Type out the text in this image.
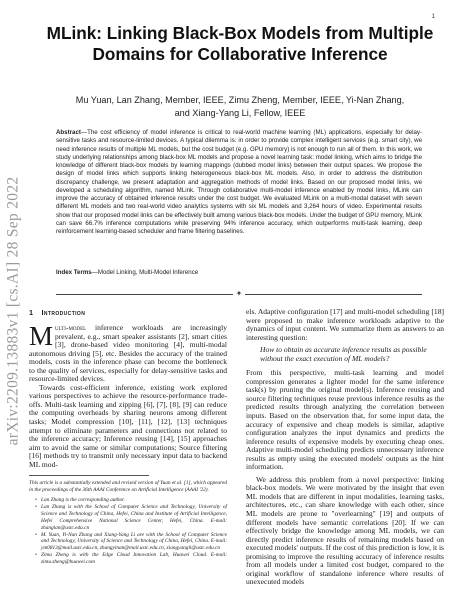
1
arXiv:2209.13883v1 [cs.AI] 28 Sep 2022
MLink: Linking Black-Box Models from Multiple Domains for Collaborative Inference
Mu Yuan, Lan Zhang, Member, IEEE, Zimu Zheng, Member, IEEE, Yi-Nan Zhang,
and Xiang-Yang Li, Fellow, IEEE
Abstract—The cost efficiency of model inference is critical to real-world machine learning (ML) applications, especially for delay-sensitive tasks and resource-limited devices. A typical dilemma is: in order to provide complex intelligent services (e.g. smart city), we need inference results of multiple ML models, but the cost budget (e.g. GPU memory) is not enough to run all of them. In this work, we study underlying relationships among black-box ML models and propose a novel learning task: model linking, which aims to bridge the knowledge of different black-box models by learning mappings (dubbed model links) between their output spaces. We propose the design of model links which supports linking heterogeneous black-box ML models. Also, in order to address the distribution discrepancy challenge, we present adaptation and aggregation methods of model links. Based on our proposed model links, we developed a scheduling algorithm, named MLink. Through collaborative multi-model inference enabled by model links, MLink can improve the accuracy of obtained inference results under the cost budget. We evaluated MLink on a multi-modal dataset with seven different ML models and two real-world video analytics systems with six ML models and 3,264 hours of video. Experimental results show that our proposed model links can be effectively built among various black-box models. Under the budget of GPU memory, MLink can save 66.7% inference computations while preserving 94% inference accuracy, which outperforms multi-task learning, deep reinforcement learning-based scheduler and frame filtering baselines.
Index Terms—Model Linking, Multi-Model Inference
✦
1 Introduction

Multi-model inference workloads are increasingly prevalent, e.g., smart speaker assistants [2], smart cities [3], drone-based video monitoring [4], multi-modal autonomous driving [5], etc. Besides the accuracy of the trained models, costs in the inference phase can become the bottleneck to the quality of services, especially for delay-sensitive tasks and resource-limited devices.

Towards cost-efficient inference, existing work explored various perspectives to achieve the resource-performance trade-offs. Multi-task learning and zipping [6], [7], [8], [9] can reduce the computing overheads by sharing neurons among different tasks; Model compression [10], [11], [12], [13] techniques attempt to eliminate parameters and connections not related to the inference accuracy; Inference reusing [14], [15] approaches aim to avoid the same or similar computations; Source filtering [16] methods try to transmit only necessary input data to backend ML mod-

This article is a substantially extended and revised version of Yuan et al. [1], which appeared in the proceedings of the 36th AAAI Conference on Artificial Intelligence (AAAI '22).

• Lan Zhang is the corresponding author.
• Lan Zhang is with the School of Computer Science and Technology, University of Science and Technology of China, Hefei, China and Institute of Artificial Intelligence, Hefei Comprehensive National Science Center, Hefei, China. E-mail: zhanglan@ustc.edu.cn
• M. Yuan, Yi-Nan Zhang and Xiang-Yang Li are with the School of Computer Science and Technology, University of Science and Technology of China, Hefei, China. E-mail: ym0813@mail.ustc.edu.cn, zhangyinan@mail.ustc.edu.cn, xiangyangli@ustc.edu.cn
• Zimu Zheng is with the Edge Cloud Innovation Lab, Huawei Cloud. E-mail: zimu.zheng@huawei.com

els. Adaptive configuration [17] and multi-model scheduling [18] were proposed to make inference workloads adaptive to the dynamics of input content. We summarize them as answers to an interesting question:

How to obtain as accurate inference results as possible without the exact execution of ML models?

From this perspective, multi-task learning and model compression generates a lighter model for the same inference task(s) by pruning the original model(s). Inference reusing and source filtering techniques reuse previous inference results as the predicted results through analyzing the correlation between inputs. Based on the observation that, for some input data, the accuracy of expensive and cheap models is similar, adaptive configuration analyzes the input dynamics and predicts the inference results of expensive models by executing cheap ones. Adaptive multi-model scheduling predicts unnecessary inference results as empty using the executed models' outputs as the hint information.

We address this problem from a novel perspective: linking black-box models. We were motivated by the insight that even ML models that are different in input modalities, learning tasks, architectures, etc., can share knowledge with each other, since ML models are prone to "overlearning" [19] and outputs of different models have semantic correlations [20]. If we can effectively bridge the knowledge among ML models, we can directly predict inference results of remaining models based on executed models' outputs. If the cost of this prediction is low, it is promising to improve the resulting accuracy of inference results from all models under a limited cost budget, compared to the original workflow of standalone inference where results of unexecuted models
